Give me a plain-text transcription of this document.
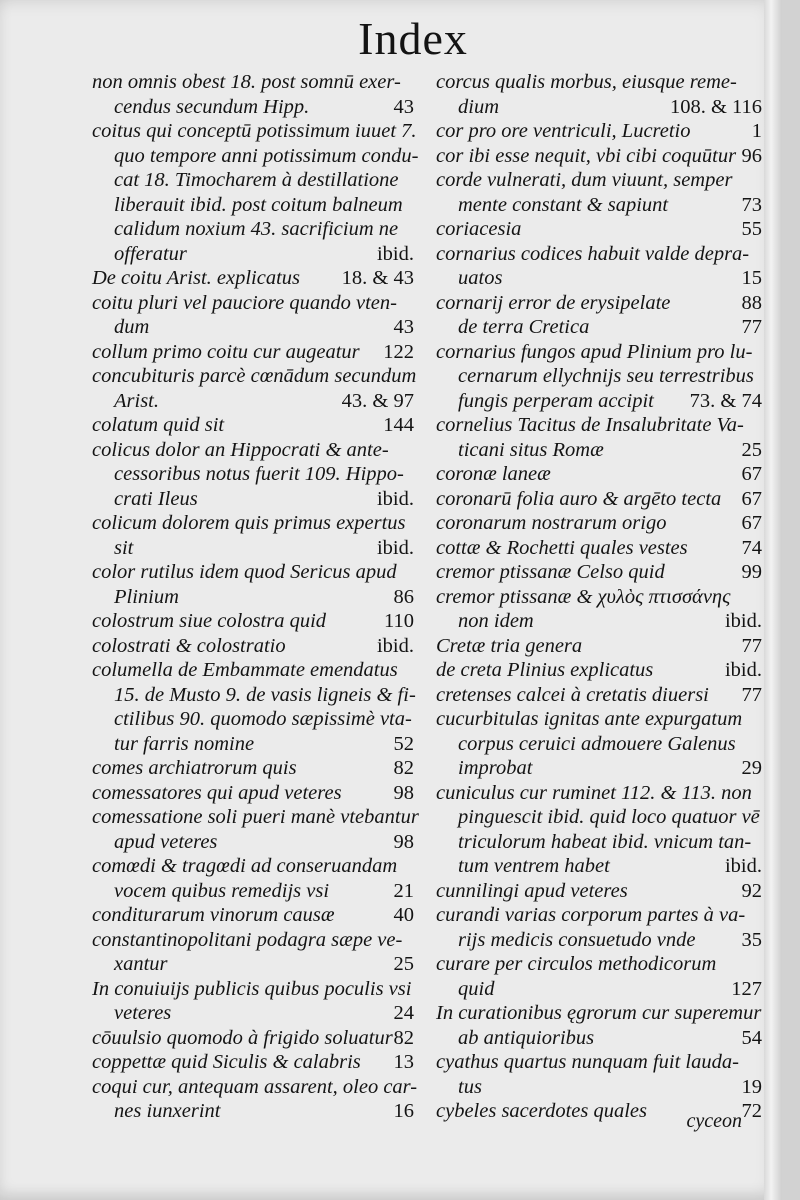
Index
non omnis obest 18. post somnū exer-
cendus secundum Hipp.	43
coitus qui conceptū potissimum iuuet 7.
quo tempore anni potissimum condu-
cat 18. Timocharem à destillatione
liberauit ibid. post coitum balneum
calidum noxium 43. sacrificium ne
offeratur	ibid.
De coitu Arist. explicatus 18. & 43
coitu pluri vel pauciore quando vten-
dum	43
collum primo coitu cur augeatur 122
concubituris parcè cœnādum secundum
Arist.	43. & 97
colatum quid sit	144
colicus dolor an Hippocrati & ante-
cessoribus notus fuerit 109. Hippo-
crati Ileus	ibid.
colicum dolorem quis primus expertus
sit	ibid.
color rutilus idem quod Sericus apud
Plinium	86
colostrum siue colostra quid	110
colostrati & colostratio	ibid.
columella de Embammate emendatus
15. de Musto 9. de vasis ligneis & fi-
ctilibus 90. quomodo sæpissimè vta-
tur farris nomine	52
comes archiatrorum quis	82
comessatores qui apud veteres	98
comessatione soli pueri manè vtebantur
apud veteres	98
comœdi & tragœdi ad conseruandam
vocem quibus remedijs vsi	21
conditurarum vinorum causæ	40
constantinopolitani podagra sæpe ve-
xantur	25
In conuiuijs publicis quibus poculis vsi
veteres	24
cōuulsio quomodo à frigido soluatur 82
coppettæ quid Siculis & calabris 13
coqui cur, antequam assarent, oleo car-
nes iunxerint	16
corcus qualis morbus, eiusque reme-
dium	108. & 116
cor pro ore ventriculi, Lucretio	1
cor ibi esse nequit, vbi cibi coquūtur 96
corde vulnerati, dum viuunt, semper
mente constant & sapiunt	73
coriacesia	55
cornarius codices habuit valde depra-
uatos	15
cornarij error de erysipelate	88
de terra Cretica	77
cornarius fungos apud Plinium pro lu-
cernarum ellychnijs seu terrestribus
fungis perperam accipit 73. & 74
cornelius Tacitus de Insalubritate Va-
ticani situs Romæ	25
coronæ laneæ	67
coronarū folia auro & argēto tecta 67
coronarum nostrarum origo	67
cottæ & Rochetti quales vestes	74
cremor ptissanæ Celso quid	99
cremor ptissanæ & χυλὸς πτισσάνης
non idem	ibid.
Cretæ tria genera	77
de creta Plinius explicatus	ibid.
cretenses calcei à cretatis diuersi 77
cucurbitulas ignitas ante expurgatum
corpus ceruici admouere Galenus
improbat	29
cuniculus cur ruminet 112. & 113. non
pinguescit ibid. quid loco quatuor vē
triculorum habeat ibid. vnicum tan-
tum ventrem habet	ibid.
cunnilingi apud veteres	92
curandi varias corporum partes à va-
rijs medicis consuetudo vnde 35
curare per circulos methodicorum
quid	127
In curationibus ęgrorum cur superemur
ab antiquioribus	54
cyathus quartus nunquam fuit lauda-
tus	19
cybeles sacerdotes quales	72
cyceon
